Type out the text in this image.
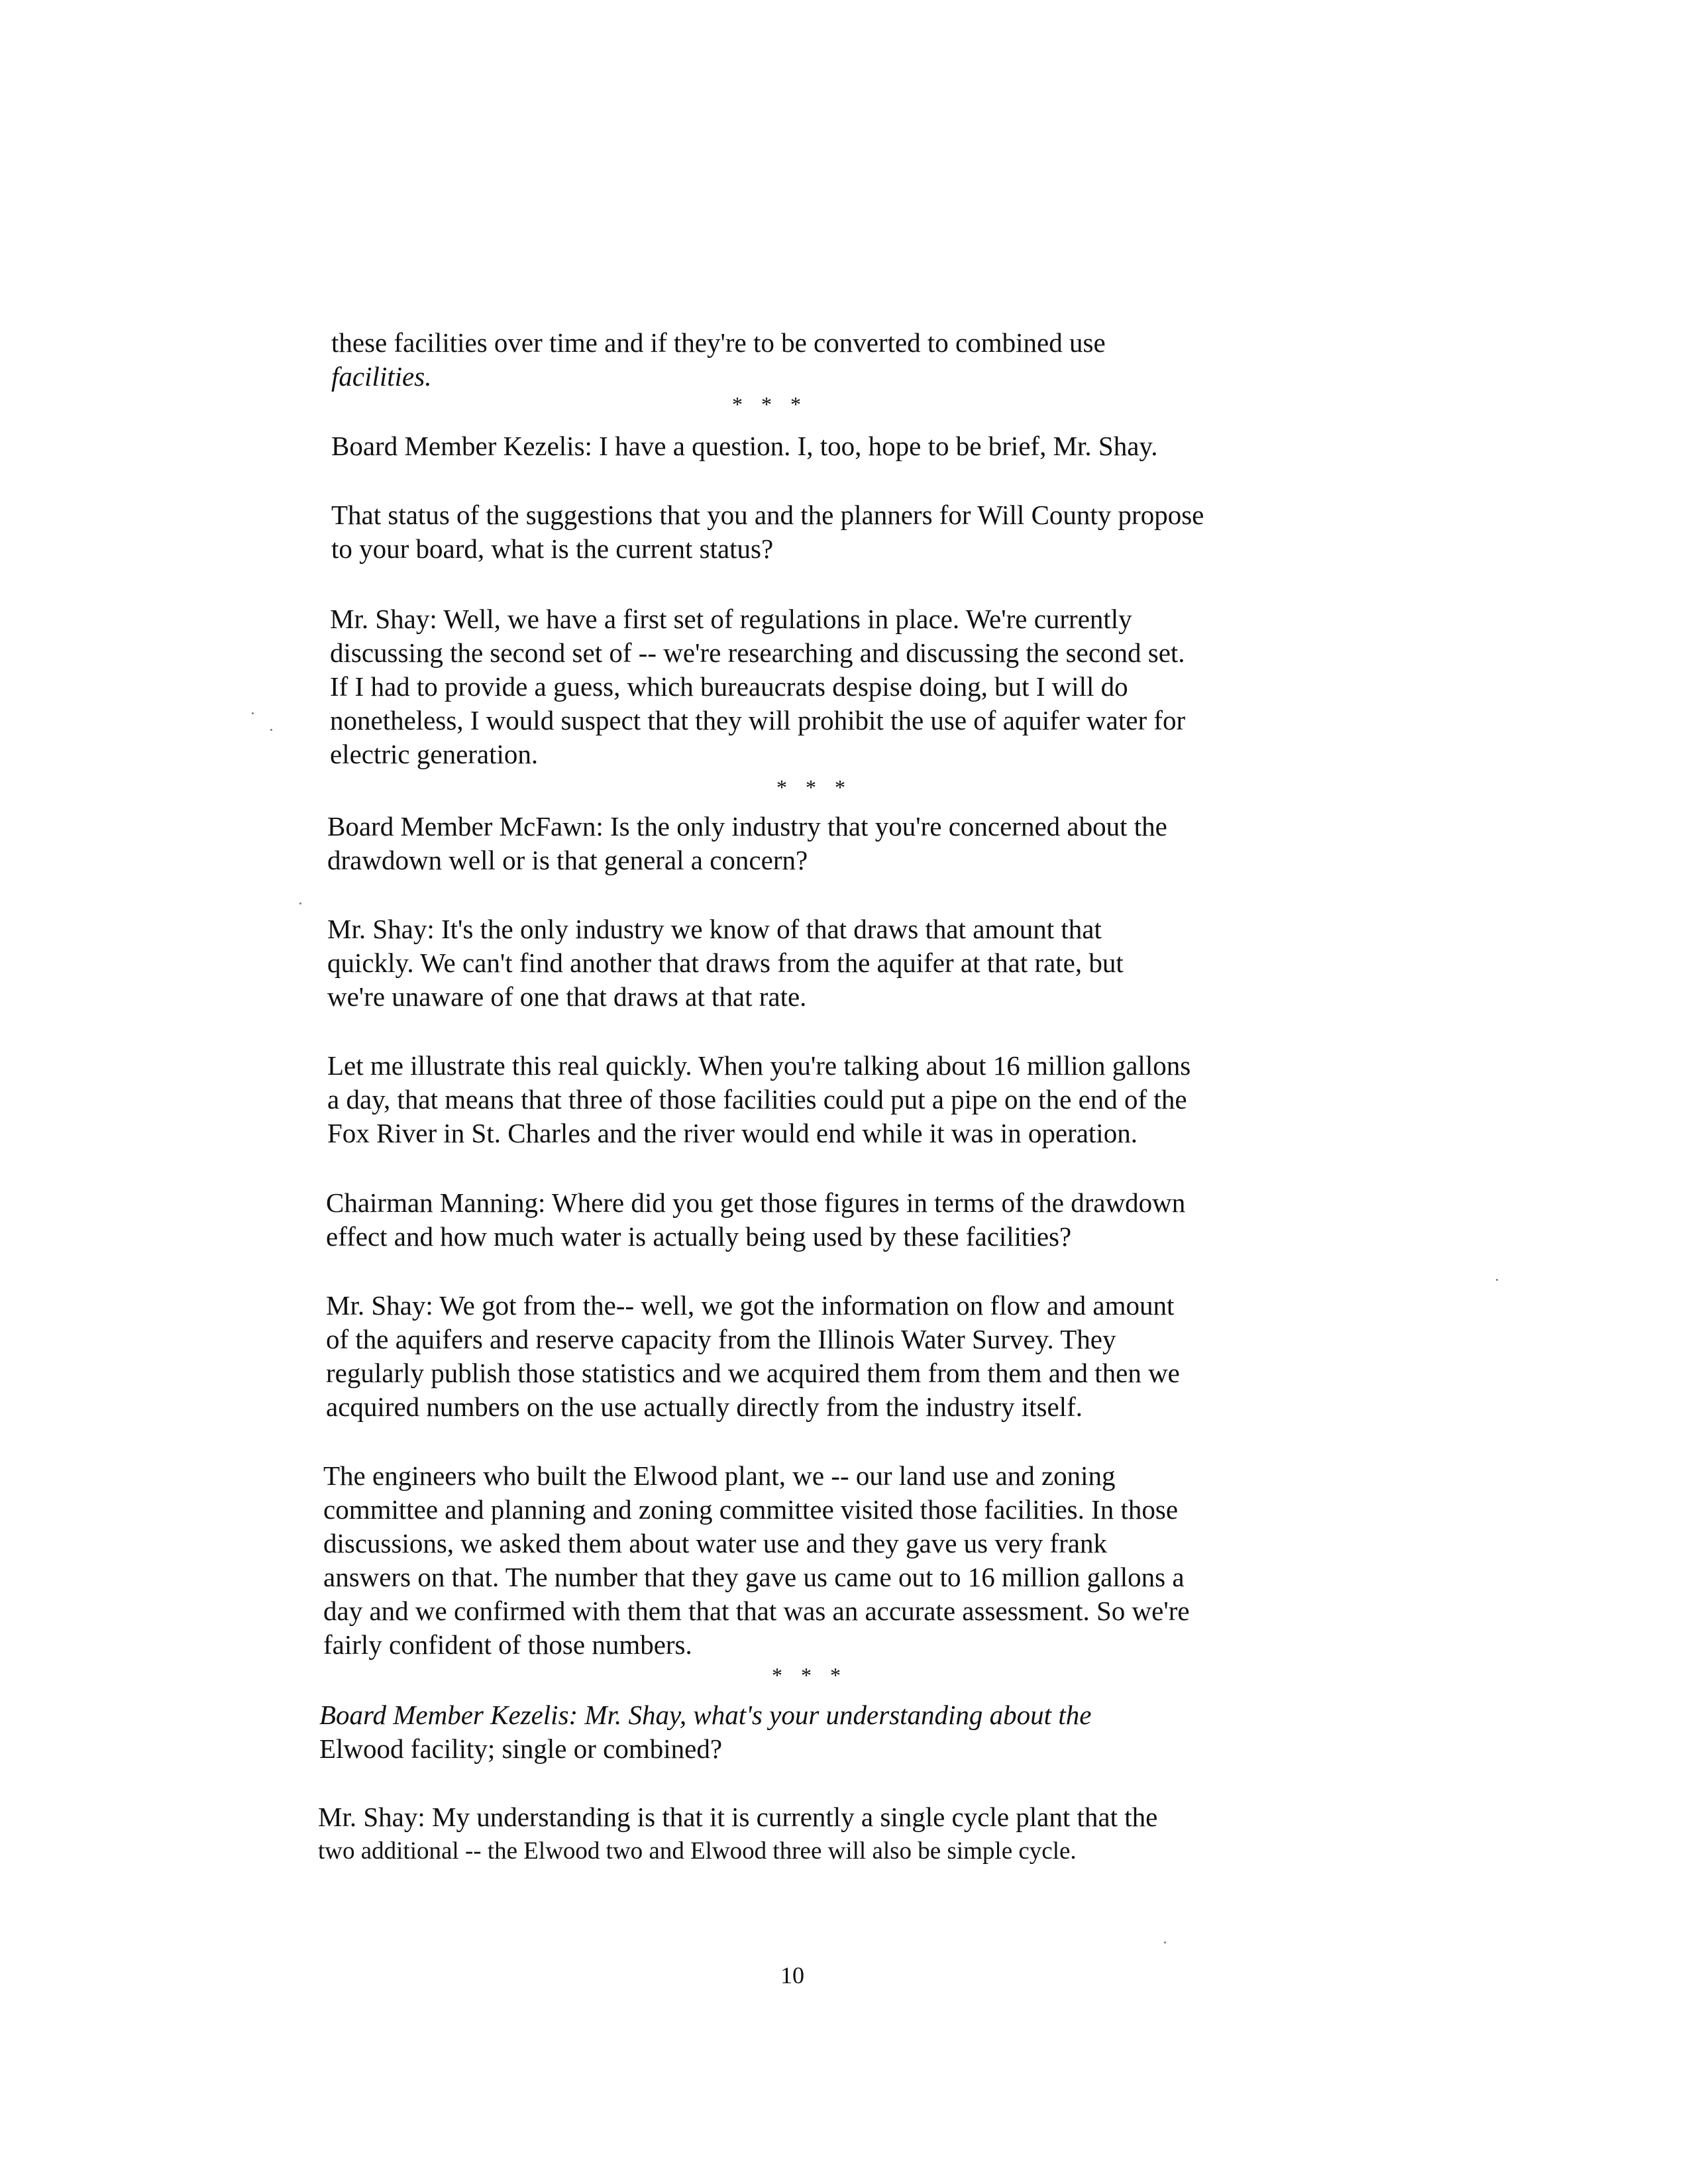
these facilities over time and if they're to be converted to combined use
facilities.
* * *
Board Member Kezelis: I have a question. I, too, hope to be brief, Mr. Shay.
That status of the suggestions that you and the planners for Will County propose
to your board, what is the current status?
Mr. Shay: Well, we have a first set of regulations in place. We're currently
discussing the second set of -- we're researching and discussing the second set.
If I had to provide a guess, which bureaucrats despise doing, but I will do
nonetheless, I would suspect that they will prohibit the use of aquifer water for
electric generation.
* * *
Board Member McFawn: Is the only industry that you're concerned about the
drawdown well or is that general a concern?
Mr. Shay: It's the only industry we know of that draws that amount that
quickly. We can't find another that draws from the aquifer at that rate, but
we're unaware of one that draws at that rate.
Let me illustrate this real quickly. When you're talking about 16 million gallons
a day, that means that three of those facilities could put a pipe on the end of the
Fox River in St. Charles and the river would end while it was in operation.
Chairman Manning: Where did you get those figures in terms of the drawdown
effect and how much water is actually being used by these facilities?
Mr. Shay: We got from the-- well, we got the information on flow and amount
of the aquifers and reserve capacity from the Illinois Water Survey. They
regularly publish those statistics and we acquired them from them and then we
acquired numbers on the use actually directly from the industry itself.
The engineers who built the Elwood plant, we -- our land use and zoning
committee and planning and zoning committee visited those facilities. In those
discussions, we asked them about water use and they gave us very frank
answers on that. The number that they gave us came out to 16 million gallons a
day and we confirmed with them that that was an accurate assessment. So we're
fairly confident of those numbers.
* * *
Board Member Kezelis: Mr. Shay, what's your understanding about the
Elwood facility; single or combined?
Mr. Shay: My understanding is that it is currently a single cycle plant that the
two additional -- the Elwood two and Elwood three will also be simple cycle.
10
